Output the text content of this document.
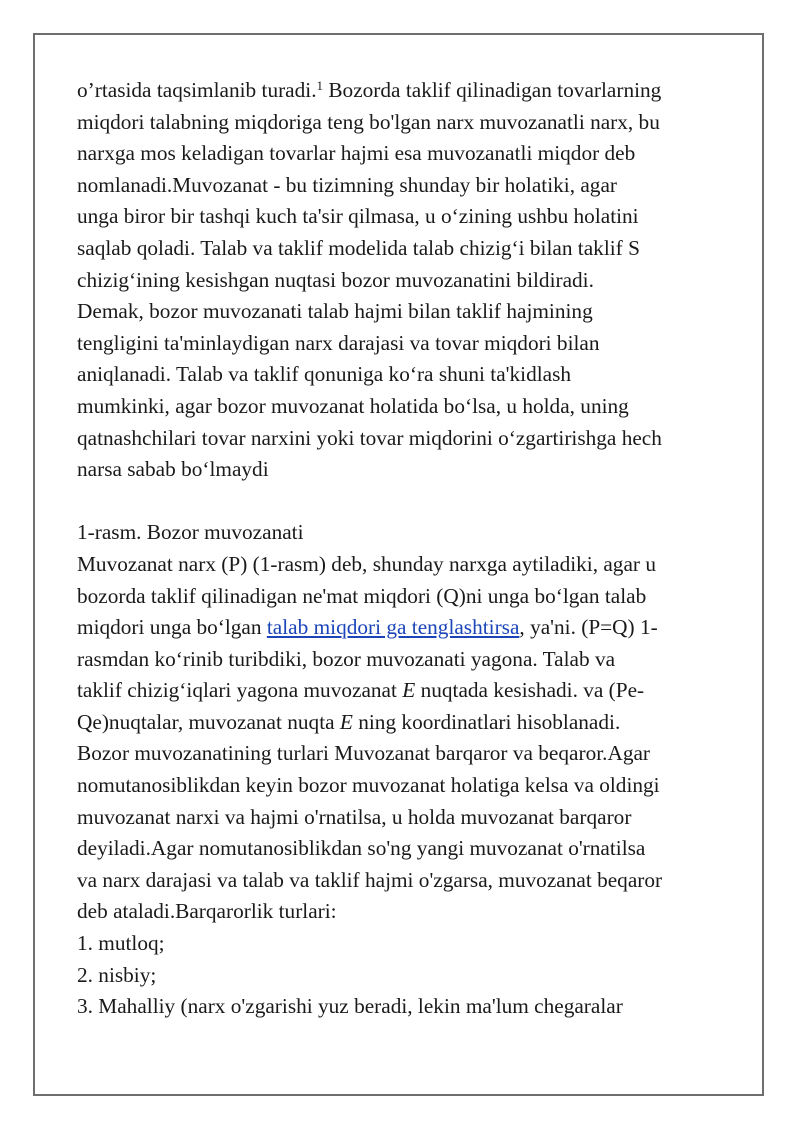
o’rtasida taqsimlanib turadi.$^1$ Bozorda taklif qilinadigan tovarlarning
miqdori talabning miqdoriga teng bo'lgan narx muvozanatli narx, bu
narxga mos keladigan tovarlar hajmi esa muvozanatli miqdor deb
nomlanadi.Muvozanat - bu tizimning shunday bir holatiki, agar
unga biror bir tashqi kuch ta'sir qilmasa, u o‘zining ushbu holatini
saqlab qoladi. Talab va taklif modelida talab chizig‘i bilan taklif S
chizig‘ining kesishgan nuqtasi bozor muvozanatini bildiradi.
Demak, bozor muvozanati talab hajmi bilan taklif hajmining
tengligini ta'minlaydigan narx darajasi va tovar miqdori bilan
aniqlanadi. Talab va taklif qonuniga ko‘ra shuni ta'kidlash
mumkinki, agar bozor muvozanat holatida bo‘lsa, u holda, uning
qatnashchilari tovar narxini yoki tovar miqdorini o‘zgartirishga hech
narsa sabab bo‘lmaydi

1-rasm. Bozor muvozanati

Muvozanat narx (P) (1-rasm) deb, shunday narxga aytiladiki, agar u
bozorda taklif qilinadigan ne'mat miqdori (Q)ni unga bo‘lgan talab
miqdori unga bo‘lgan talab miqdori ga tenglashtirsa, ya'ni. (P=Q) 1-
rasmdan ko‘rinib turibdiki, bozor muvozanati yagona. Talab va
taklif chizig‘iqlari yagona muvozanat E nuqtada kesishadi. va (Pe-
Qe)nuqtalar, muvozanat nuqta E ning koordinatlari hisoblanadi.
Bozor muvozanatining turlari Muvozanat barqaror va beqaror.Agar
nomutanosiblikdan keyin bozor muvozanat holatiga kelsa va oldingi
muvozanat narxi va hajmi o'rnatilsa, u holda muvozanat barqaror
deyiladi.Agar nomutanosiblikdan so'ng yangi muvozanat o'rnatilsa
va narx darajasi va talab va taklif hajmi o'zgarsa, muvozanat beqaror
deb ataladi.Barqarorlik turlari:

1. mutloq;
2. nisbiy;
3. Mahalliy (narx o'zgarishi yuz beradi, lekin ma'lum chegaralar
